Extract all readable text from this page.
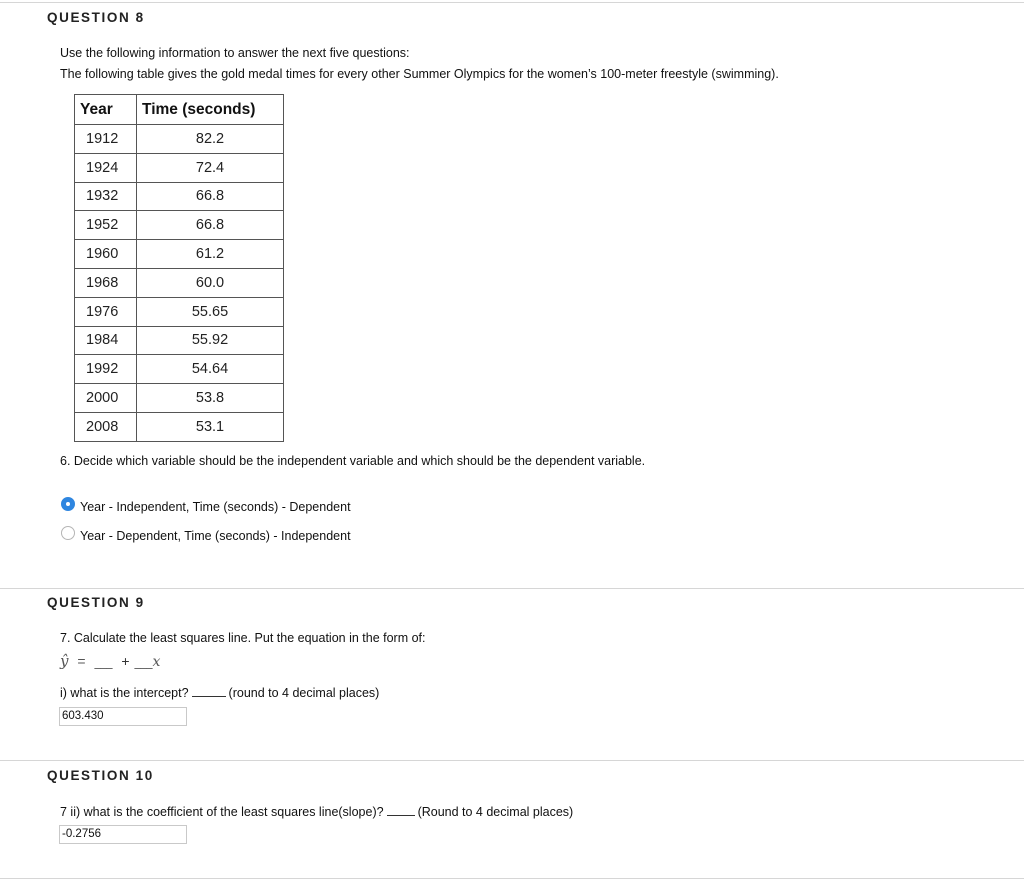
QUESTION 8
Use the following information to answer the next five questions:
The following table gives the gold medal times for every other Summer Olympics for the women’s 100-meter freestyle (swimming).
Year	Time (seconds)
1912	82.2
1924	72.4
1932	66.8
1952	66.8
1960	61.2
1968	60.0
1976	55.65
1984	55.92
1992	54.64
2000	53.8
2008	53.1
6. Decide which variable should be the independent variable and which should be the dependent variable.
Year - Independent, Time (seconds) - Dependent
Year - Dependent, Time (seconds) - Independent
QUESTION 9
7. Calculate the least squares line. Put the equation in the form of:
ŷ = ___ + ___x
i) what is the intercept?	(round to 4 decimal places)
603.430
QUESTION 10
7 ii) what is the coefficient of the least squares line(slope)?	(Round to 4 decimal places)
-0.2756
